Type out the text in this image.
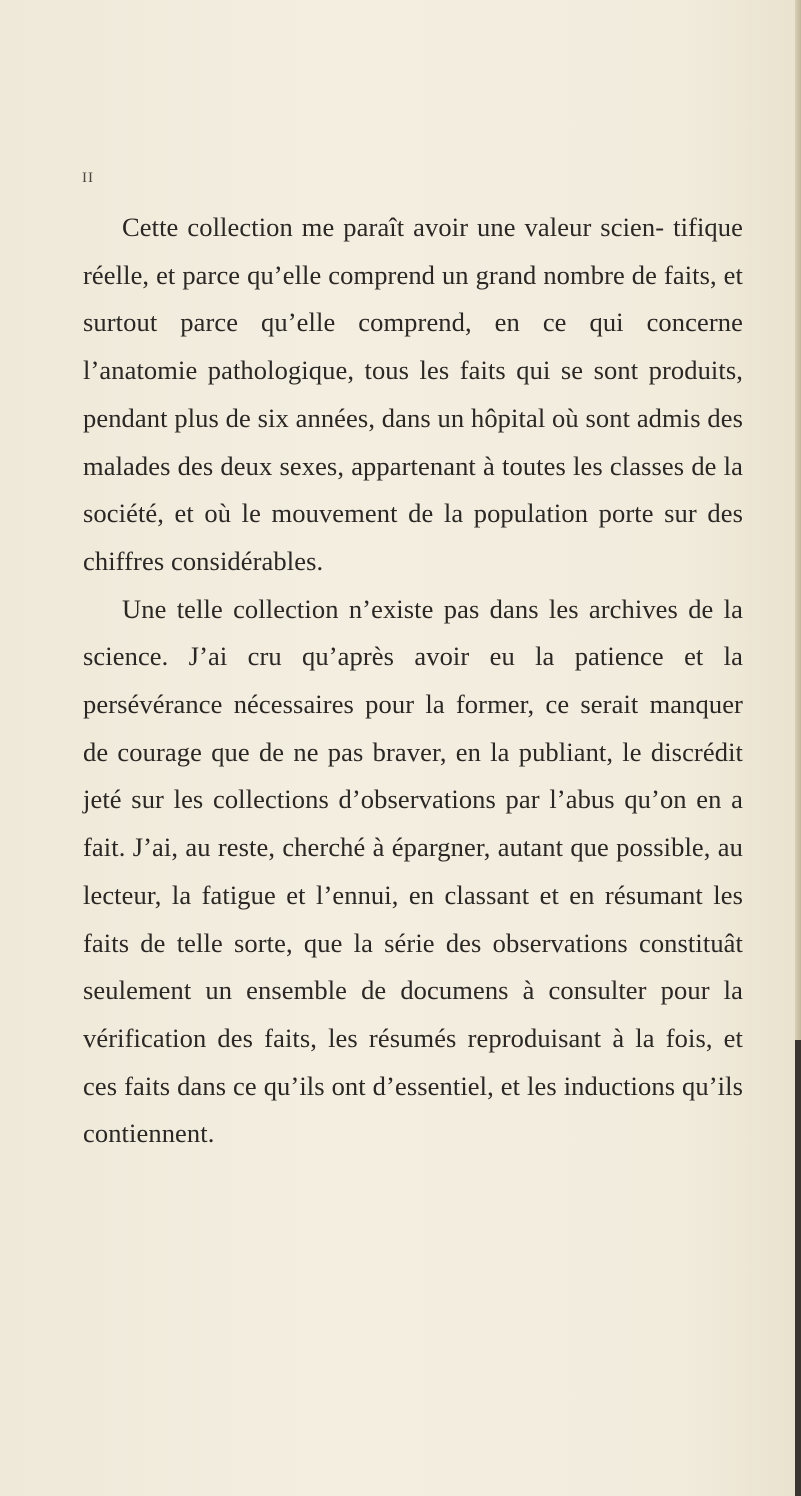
II

Cette collection me paraît avoir une valeur scien- tifique réelle, et parce qu’elle comprend un grand nombre de faits, et surtout parce qu’elle comprend, en ce qui concerne l’anatomie pathologique, tous les faits qui se sont produits, pendant plus de six années, dans un hôpital où sont admis des malades des deux sexes, appartenant à toutes les classes de la société, et où le mouvement de la population porte sur des chiffres considérables.

Une telle collection n’existe pas dans les archives de la science. J’ai cru qu’après avoir eu la patience et la persévérance nécessaires pour la former, ce serait manquer de courage que de ne pas braver, en la publiant, le discrédit jeté sur les collections d’observations par l’abus qu’on en a fait. J’ai, au reste, cherché à épargner, autant que possible, au lecteur, la fatigue et l’ennui, en classant et en résumant les faits de telle sorte, que la série des observations constituât seulement un ensemble de documens à consulter pour la vérification des faits, les résumés reproduisant à la fois, et ces faits dans ce qu’ils ont d’essentiel, et les inductions qu’ils contiennent.
